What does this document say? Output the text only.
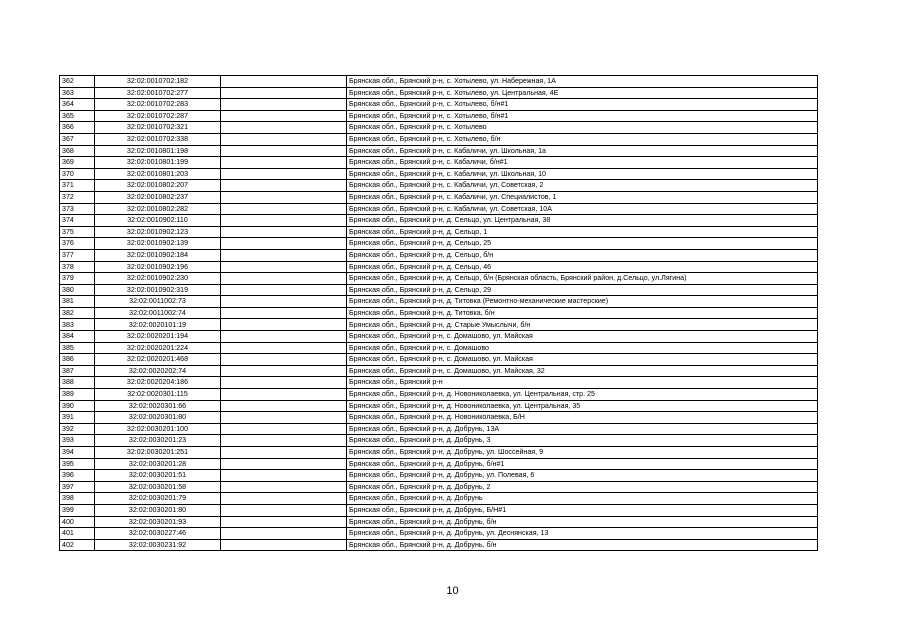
362	32:02:0010702:182		Брянская обл., Брянский р-н, с. Хотылево, ул. Набережная, 1А
363	32:02:0010702:277		Брянская обл., Брянский р-н, с. Хотылево, ул. Центральная, 4Е
364	32:02:0010702:283		Брянская обл., Брянский р-н, с. Хотылево, б/н#1
365	32:02:0010702:287		Брянская обл., Брянский р-н, с. Хотылево, б/н#1
366	32:02:0010702:321		Брянская обл., Брянский р-н, с. Хотылево
367	32:02:0010702:338		Брянская обл., Брянский р-н, с. Хотылево, б/н
368	32:02:0010801:198		Брянская обл., Брянский р-н, с. Кабаличи, ул. Школьная, 1а
369	32:02:0010801:199		Брянская обл., Брянский р-н, с. Кабаличи, б/н#1
370	32:02:0010801:203		Брянская обл., Брянский р-н, с. Кабаличи, ул. Школьная, 10
371	32:02:0010802:207		Брянская обл., Брянский р-н, с. Кабаличи, ул. Советская, 2
372	32:02:0010802:237		Брянская обл., Брянский р-н, с. Кабаличи, ул. Специалистов, 1
373	32:02:0010802:282		Брянская обл., Брянский р-н, с. Кабаличи, ул. Советская, 10А
374	32:02:0010902:110		Брянская обл., Брянский р-н, д. Сельцо, ул. Центральная, 38
375	32:02:0010902:123		Брянская обл., Брянский р-н, д. Сельцо, 1
376	32:02:0010902:139		Брянская обл., Брянский р-н, д. Сельцо, 25
377	32:02:0010902:184		Брянская обл., Брянский р-н, д. Сельцо, б/н
378	32:02:0010902:196		Брянская обл., Брянский р-н, д. Сельцо, 46
379	32:02:0010902:230		Брянская обл., Брянский р-н, д. Сельцо, б/н (Брянская область, Брянский район, д.Сельцо, ул.Лягина)
380	32:02:0010902:319		Брянская обл., Брянский р-н, д. Сельцо, 29
381	32:02:0011002:73		Брянская обл., Брянский р-н, д. Титовка (Ремонтно-механические мастерские)
382	32:02:0011002:74		Брянская обл., Брянский р-н, д. Титовка, б/н
383	32:02:0020101:19		Брянская обл., Брянский р-н, д. Старые Умыслычи, б/н
384	32:02:0020201:194		Брянская обл., Брянский р-н, с. Домашово, ул. Майская
385	32:02:0020201:224		Брянская обл., Брянский р-н, с. Домашово
386	32:02:0020201:468		Брянская обл., Брянский р-н, с. Домашово, ул. Майская
387	32:02:0020202:74		Брянская обл., Брянский р-н, с. Домашово, ул. Майская, 32
388	32:02:0020204:186		Брянская обл., Брянский р-н
389	32:02:0020301:115		Брянская обл., Брянский р-н, д. Новониколаевка, ул. Центральная, стр. 25
390	32:02:0020301:66		Брянская обл., Брянский р-н, д. Новониколаевка, ул. Центральная, 35
391	32:02:0020301:80		Брянская обл., Брянский р-н, д. Новониколаевка, Б/Н
392	32:02:0030201:100		Брянская обл., Брянский р-н, д. Добрунь, 13А
393	32:02:0030201:23		Брянская обл., Брянский р-н, д. Добрунь, 3
394	32:02:0030201:251		Брянская обл., Брянский р-н, д. Добрунь, ул. Шоссейная, 9
395	32:02:0030201:28		Брянская обл., Брянский р-н, д. Добрунь, б/н#1
396	32:02:0030201:51		Брянская обл., Брянский р-н, д. Добрунь, ул. Полевая, 6
397	32:02:0030201:58		Брянская обл., Брянский р-н, д. Добрунь, 2
398	32:02:0030201:79		Брянская обл., Брянский р-н, д. Добрунь
399	32:02:0030201:80		Брянская обл., Брянский р-н, д. Добрунь, Б/Н#1
400	32:02:0030201:93		Брянская обл., Брянский р-н, д. Добрунь, б/н
401	32:02:0030227:46		Брянская обл., Брянский р-н, д. Добрунь, ул. Деснянская, 13
402	32:02:0030231:92		Брянская обл., Брянский р-н, д. Добрунь, б/н
10
